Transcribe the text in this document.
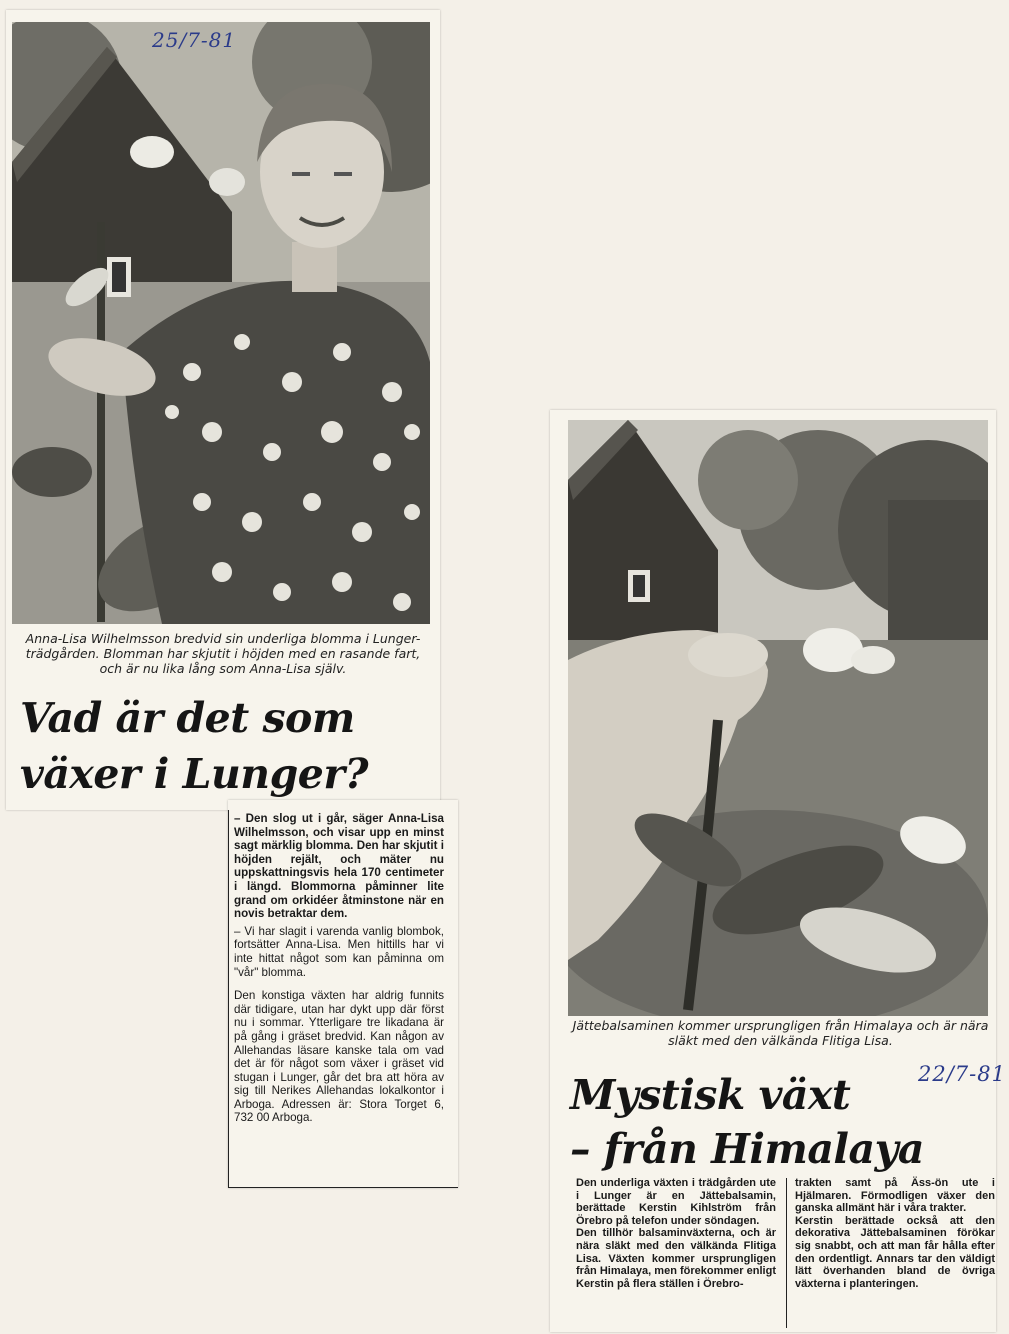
25/7-81
Anna-Lisa Wilhelmsson bredvid sin underliga blomma i Lunger-trädgården. Blomman har skjutit i höjden med en rasande fart, och är nu lika lång som Anna-Lisa själv.
Vad är det som
växer i Lunger?

– Den slog ut i går, säger Anna-Lisa Wilhelmsson, och visar upp en minst sagt märklig blomma. Den har skjutit i höjden rejält, och mäter nu uppskattningsvis hela 170 centimeter i längd. Blommorna påminner lite grand om orkidéer åtminstone när en novis betraktar dem.

– Vi har slagit i varenda vanlig blombok, fortsätter Anna-Lisa. Men hittills har vi inte hittat något som kan påminna om "vår" blomma.

Den konstiga växten har aldrig funnits där tidigare, utan har dykt upp där först nu i sommar. Ytterligare tre likadana är på gång i gräset bredvid. Kan någon av Allehandas läsare kanske tala om vad det är för något som växer i gräset vid stugan i Lunger, går det bra att höra av sig till Nerikes Allehandas lokalkontor i Arboga. Adressen är: Stora Torget 6, 732 00 Arboga.

Jättebalsaminen kommer ursprungligen från Himalaya och är nära släkt med den välkända Flitiga Lisa.
22/7-81
Mystisk växt
– från Himalaya

Den underliga växten i trädgården ute i Lunger är en Jättebalsamin, berättade Kerstin Kihlström från Örebro på telefon under söndagen.

Den tillhör balsaminväxterna, och är nära släkt med den välkända Flitiga Lisa. Växten kommer ursprungligen från Himalaya, men förekommer enligt Kerstin på flera ställen i Örebro-

trakten samt på Äss-ön ute i Hjälmaren. Förmodligen växer den ganska allmänt här i våra trakter.

Kerstin berättade också att den dekorativa Jättebalsaminen förökar sig snabbt, och att man får hålla efter den ordentligt. Annars tar den väldigt lätt överhanden bland de övriga växterna i planteringen.
